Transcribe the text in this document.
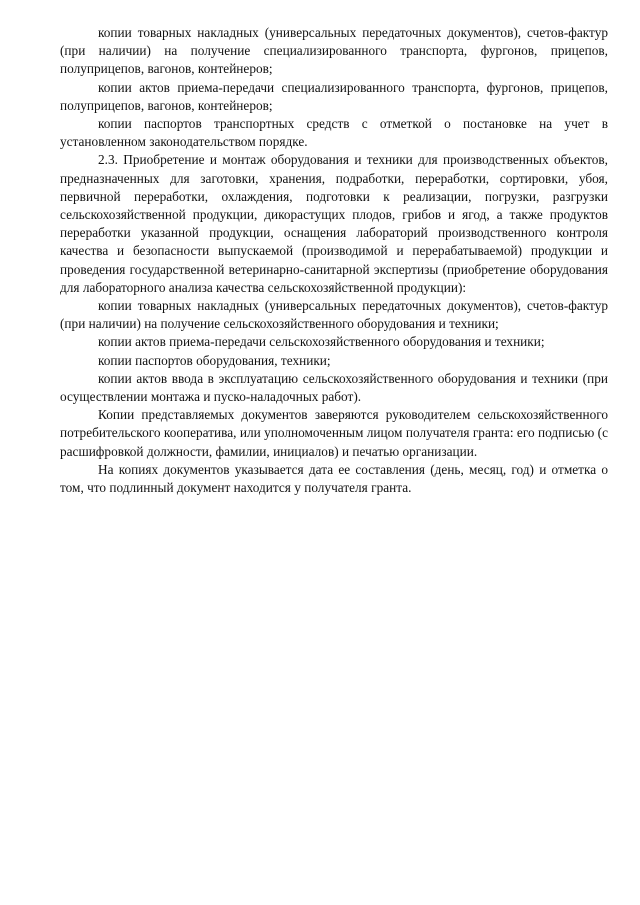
копии товарных накладных (универсальных передаточных документов), счетов-фактур (при наличии) на получение специализированного транспорта, фургонов, прицепов, полуприцепов, вагонов, контейнеров;

копии актов приема-передачи специализированного транспорта, фургонов, прицепов, полуприцепов, вагонов, контейнеров;

копии паспортов транспортных средств с отметкой о постановке на учет в установленном законодательством порядке.

2.3. Приобретение и монтаж оборудования и техники для производственных объектов, предназначенных для заготовки, хранения, подработки, переработки, сортировки, убоя, первичной переработки, охлаждения, подготовки к реализации, погрузки, разгрузки сельскохозяйственной продукции, дикорастущих плодов, грибов и ягод, а также продуктов переработки указанной продукции, оснащения лабораторий производственного контроля качества и безопасности выпускаемой (производимой и перерабатываемой) продукции и проведения государственной ветеринарно-санитарной экспертизы (приобретение оборудования для лабораторного анализа качества сельскохозяйственной продукции):

копии товарных накладных (универсальных передаточных документов), счетов-фактур (при наличии) на получение сельскохозяйственного оборудования и техники;

копии актов приема-передачи сельскохозяйственного оборудования и техники;

копии паспортов оборудования, техники;

копии актов ввода в эксплуатацию сельскохозяйственного оборудования и техники (при осуществлении монтажа и пуско-наладочных работ).

Копии представляемых документов заверяются руководителем сельскохозяйственного потребительского кооператива, или уполномоченным лицом получателя гранта: его подписью (с расшифровкой должности, фамилии, инициалов) и печатью организации.

На копиях документов указывается дата ее составления (день, месяц, год) и отметка о том, что подлинный документ находится у получателя гранта.
